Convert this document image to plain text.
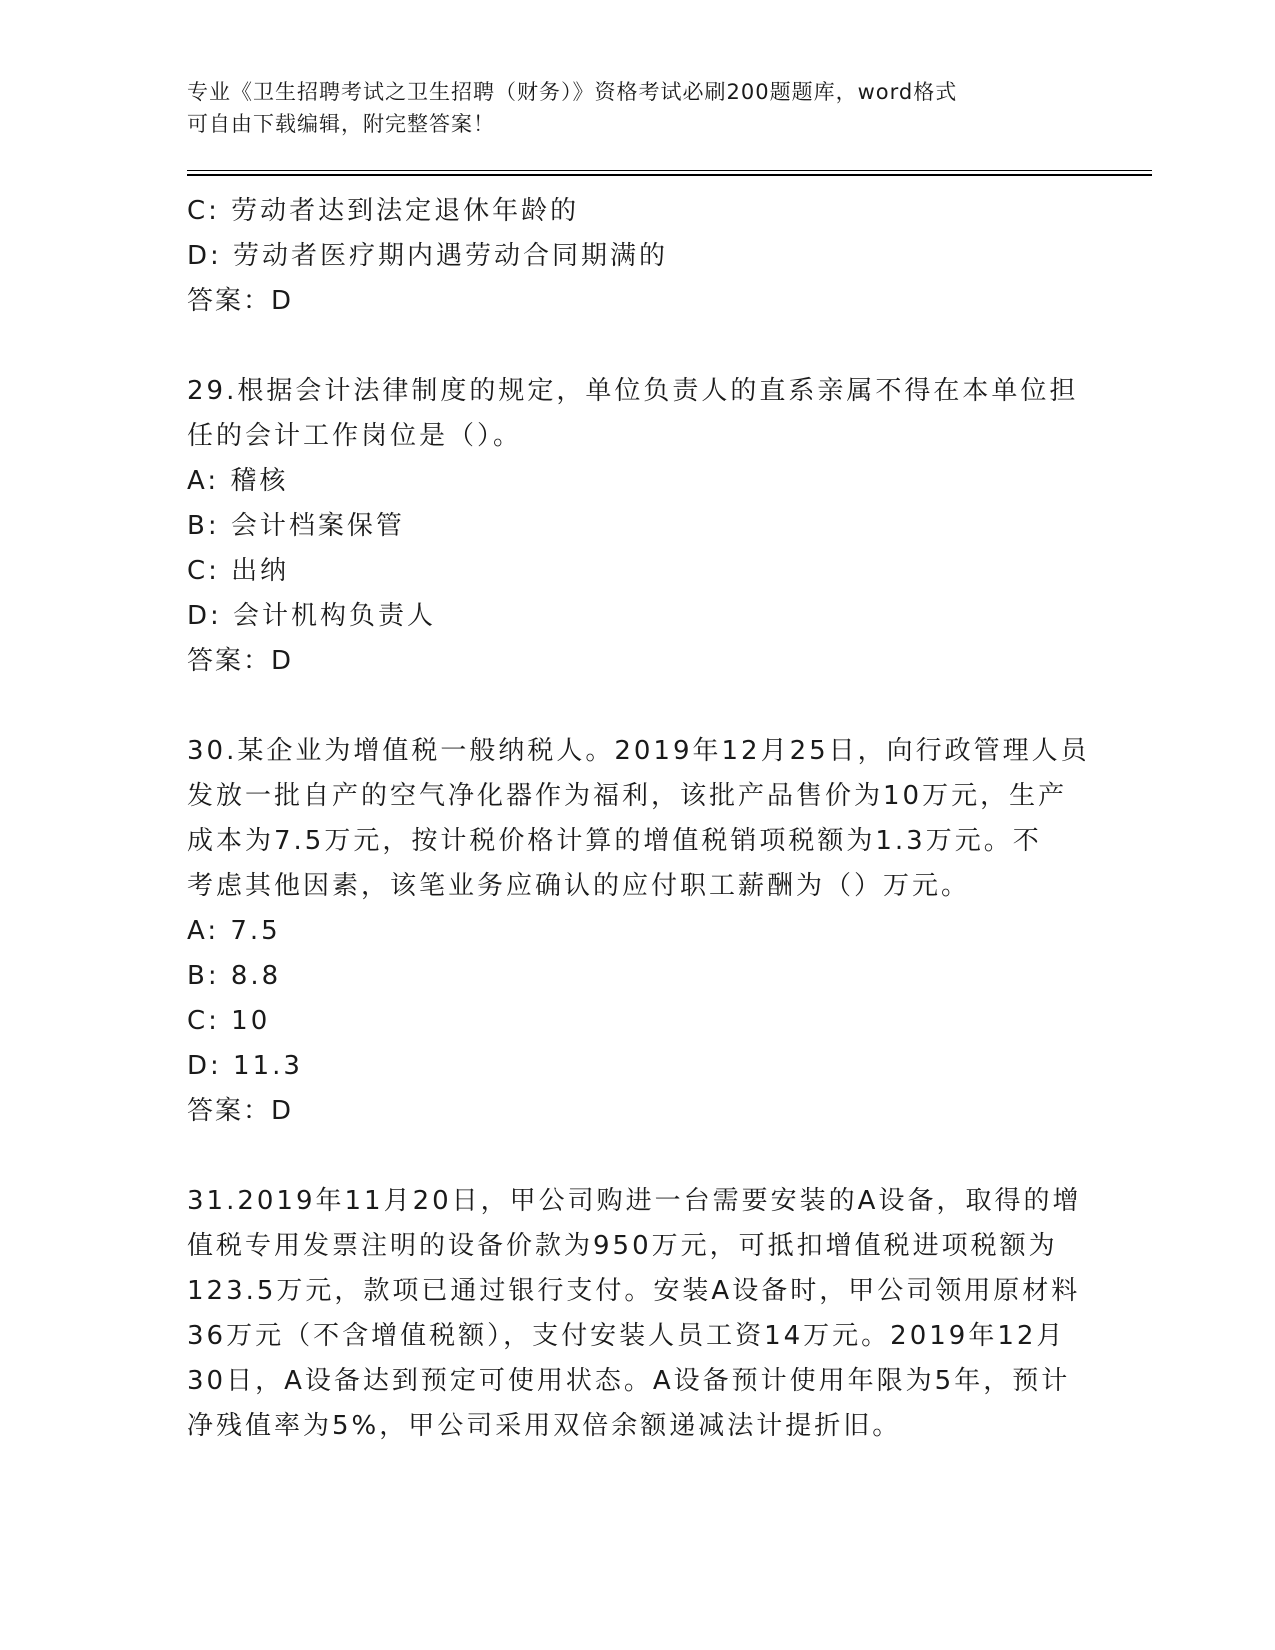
专业《卫生招聘考试之卫生招聘（财务）》资格考试必刷200题题库，word格式
可自由下载编辑，附完整答案！
C: 劳动者达到法定退休年龄的
D: 劳动者医疗期内遇劳动合同期满的
答案：D
29.根据会计法律制度的规定，单位负责人的直系亲属不得在本单位担
任的会计工作岗位是（）。
A: 稽核
B: 会计档案保管
C: 出纳
D: 会计机构负责人
答案：D
30.某企业为增值税一般纳税人。2019年12月25日，向行政管理人员
发放一批自产的空气净化器作为福利，该批产品售价为10万元，生产
成本为7.5万元，按计税价格计算的增值税销项税额为1.3万元。不
考虑其他因素，该笔业务应确认的应付职工薪酬为（）万元。
A: 7.5
B: 8.8
C: 10
D: 11.3
答案：D
31.2019年11月20日，甲公司购进一台需要安装的A设备，取得的增
值税专用发票注明的设备价款为950万元，可抵扣增值税进项税额为
123.5万元，款项已通过银行支付。安装A设备时，甲公司领用原材料
36万元（不含增值税额），支付安装人员工资14万元。2019年12月
30日，A设备达到预定可使用状态。A设备预计使用年限为5年，预计
净残值率为5%，甲公司采用双倍余额递减法计提折旧。
